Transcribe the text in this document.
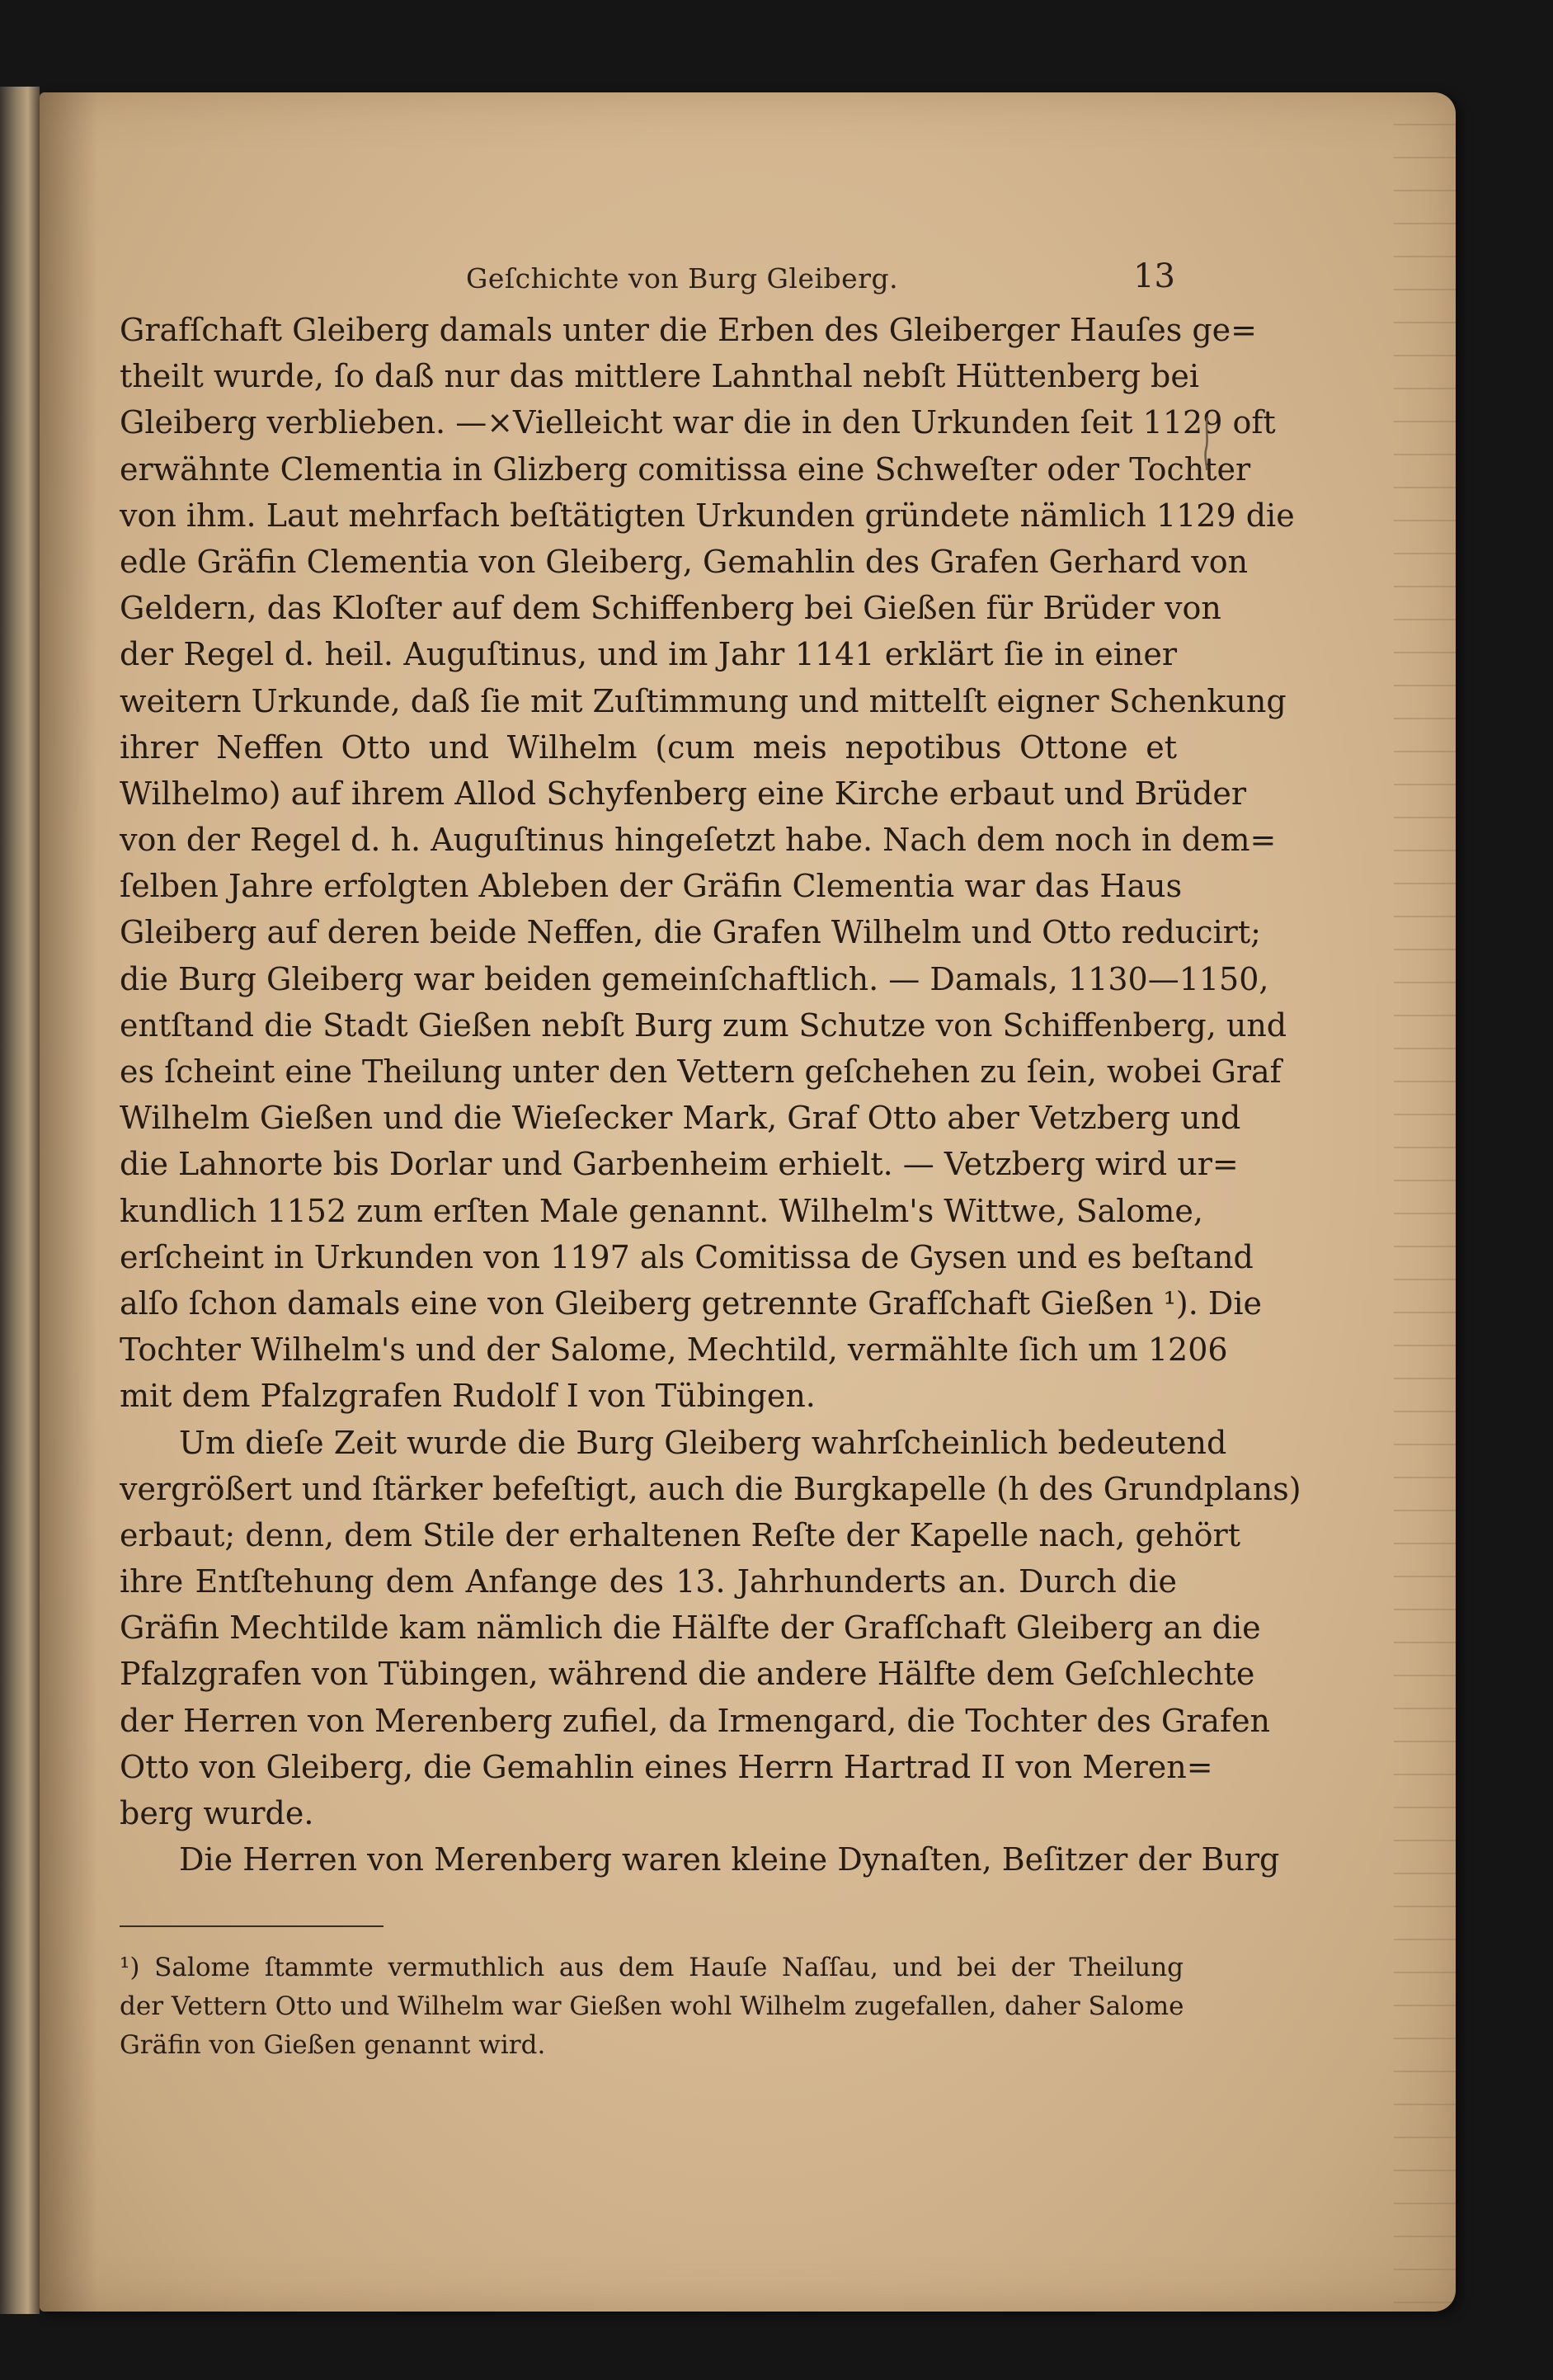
Geſchichte von Burg Gleiberg.	13
Grafſchaft Gleiberg damals unter die Erben des Gleiberger Hauſes ge=
theilt wurde, ſo daß nur das mittlere Lahnthal nebſt Hüttenberg bei
Gleiberg verblieben. —×Vielleicht war die in den Urkunden ſeit 1129 oft
erwähnte Clementia in Glizberg comitissa eine Schweſter oder Tochter
von ihm. Laut mehrfach beſtätigten Urkunden gründete nämlich 1129 die
edle Gräfin Clementia von Gleiberg, Gemahlin des Grafen Gerhard von
Geldern, das Kloſter auf dem Schiffenberg bei Gießen für Brüder von
der Regel d. heil. Auguſtinus, und im Jahr 1141 erklärt ſie in einer
weitern Urkunde, daß ſie mit Zuſtimmung und mittelſt eigner Schenkung
ihrer Neffen Otto und Wilhelm (cum meis nepotibus Ottone et
Wilhelmo) auf ihrem Allod Schyfenberg eine Kirche erbaut und Brüder
von der Regel d. h. Auguſtinus hingeſetzt habe. Nach dem noch in dem=
ſelben Jahre erfolgten Ableben der Gräfin Clementia war das Haus
Gleiberg auf deren beide Neffen, die Grafen Wilhelm und Otto reducirt;
die Burg Gleiberg war beiden gemeinſchaftlich. — Damals, 1130—1150,
entſtand die Stadt Gießen nebſt Burg zum Schutze von Schiffenberg, und
es ſcheint eine Theilung unter den Vettern geſchehen zu ſein, wobei Graf
Wilhelm Gießen und die Wieſecker Mark, Graf Otto aber Vetzberg und
die Lahnorte bis Dorlar und Garbenheim erhielt. — Vetzberg wird ur=
kundlich 1152 zum erſten Male genannt. Wilhelm's Wittwe, Salome,
erſcheint in Urkunden von 1197 als Comitissa de Gysen und es beſtand
alſo ſchon damals eine von Gleiberg getrennte Grafſchaft Gießen ¹). Die
Tochter Wilhelm's und der Salome, Mechtild, vermählte ſich um 1206
mit dem Pfalzgrafen Rudolf I von Tübingen.
Um dieſe Zeit wurde die Burg Gleiberg wahrſcheinlich bedeutend
vergrößert und ſtärker befeſtigt, auch die Burgkapelle (h des Grundplans)
erbaut; denn, dem Stile der erhaltenen Reſte der Kapelle nach, gehört
ihre Entſtehung dem Anfange des 13. Jahrhunderts an. Durch die
Gräfin Mechtilde kam nämlich die Hälfte der Grafſchaft Gleiberg an die
Pfalzgrafen von Tübingen, während die andere Hälfte dem Geſchlechte
der Herren von Merenberg zufiel, da Irmengard, die Tochter des Grafen
Otto von Gleiberg, die Gemahlin eines Herrn Hartrad II von Meren=
berg wurde.
Die Herren von Merenberg waren kleine Dynaſten, Beſitzer der Burg
¹) Salome ſtammte vermuthlich aus dem Hauſe Naſſau, und bei der Theilung
der Vettern Otto und Wilhelm war Gießen wohl Wilhelm zugefallen, daher Salome
Gräfin von Gießen genannt wird.
